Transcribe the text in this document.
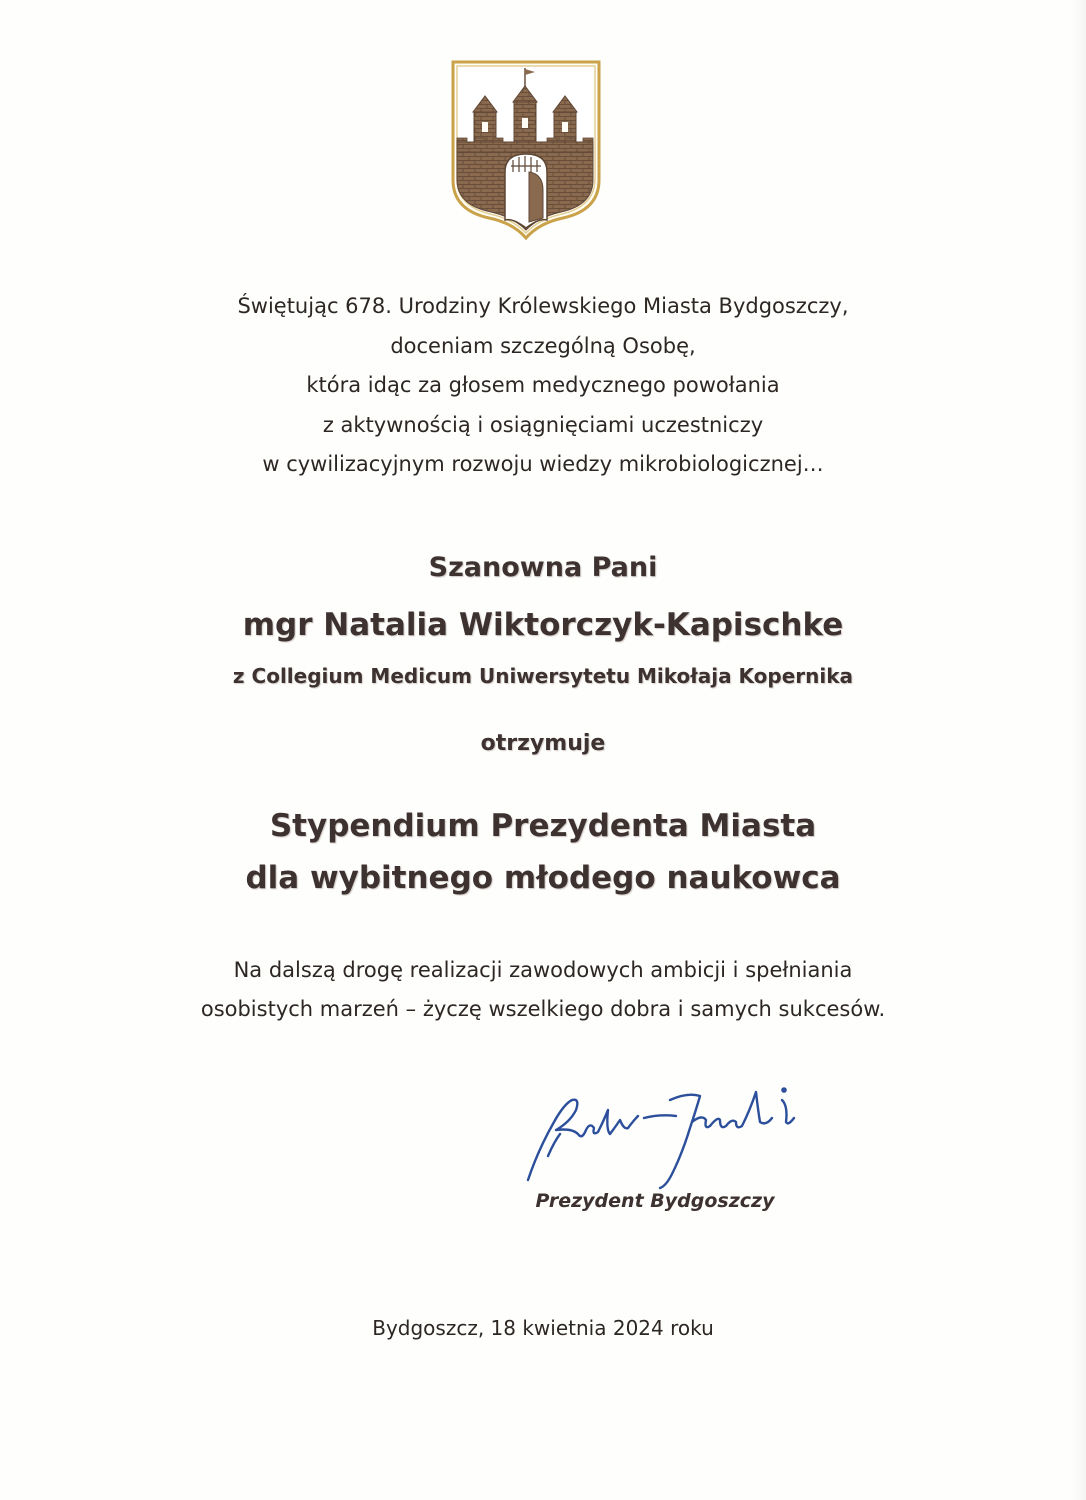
Świętując 678. Urodziny Królewskiego Miasta Bydgoszczy,
doceniam szczególną Osobę,
która idąc za głosem medycznego powołania
z aktywnością i osiągnięciami uczestniczy
w cywilizacyjnym rozwoju wiedzy mikrobiologicznej…
Szanowna Pani
mgr Natalia Wiktorczyk-Kapischke
z Collegium Medicum Uniwersytetu Mikołaja Kopernika
otrzymuje
Stypendium Prezydenta Miasta
dla wybitnego młodego naukowca
Na dalszą drogę realizacji zawodowych ambicji i spełniania
osobistych marzeń – życzę wszelkiego dobra i samych sukcesów.
Prezydent Bydgoszczy
Bydgoszcz, 18 kwietnia 2024 roku
